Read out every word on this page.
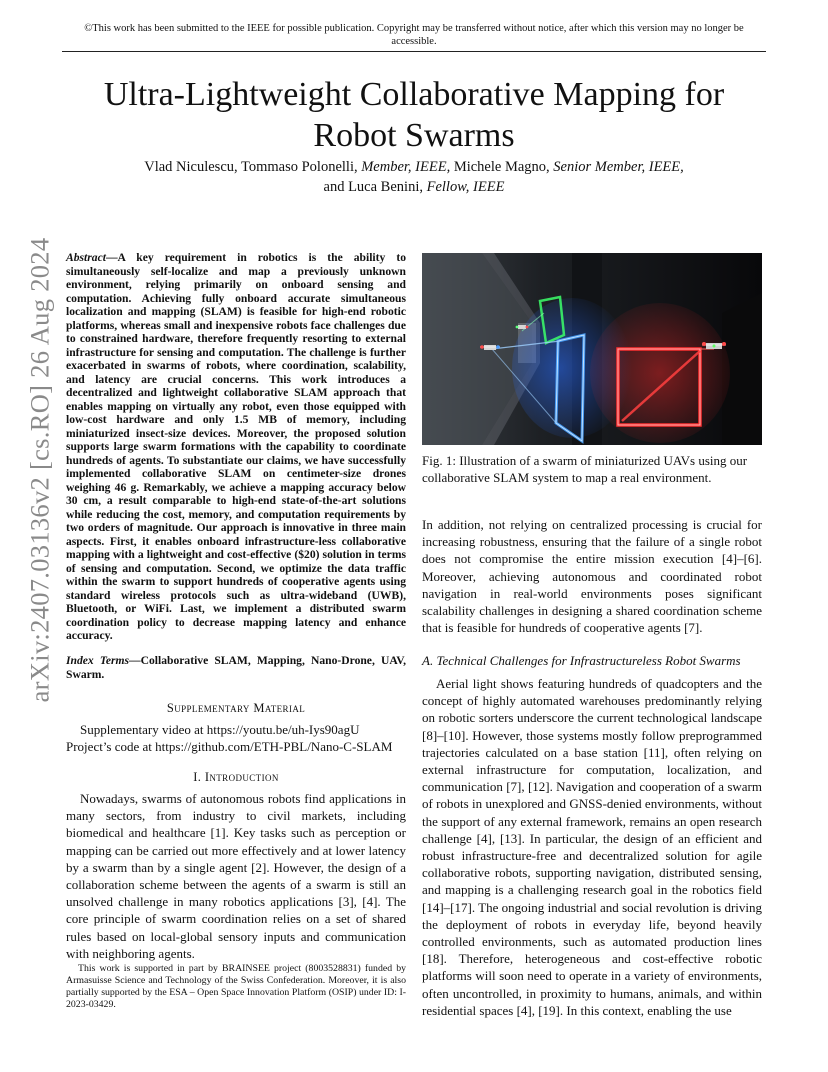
©This work has been submitted to the IEEE for possible publication. Copyright may be transferred without notice, after which this version may no longer be accessible.
arXiv:2407.03136v2 [cs.RO] 26 Aug 2024
Ultra-Lightweight Collaborative Mapping for Robot Swarms
Vlad Niculescu, Tommaso Polonelli, Member, IEEE, Michele Magno, Senior Member, IEEE,
and Luca Benini, Fellow, IEEE
Abstract—A key requirement in robotics is the ability to simultaneously self-localize and map a previously unknown environment, relying primarily on onboard sensing and computation. Achieving fully onboard accurate simultaneous localization and mapping (SLAM) is feasible for high-end robotic platforms, whereas small and inexpensive robots face challenges due to constrained hardware, therefore frequently resorting to external infrastructure for sensing and computation. The challenge is further exacerbated in swarms of robots, where coordination, scalability, and latency are crucial concerns. This work introduces a decentralized and lightweight collaborative SLAM approach that enables mapping on virtually any robot, even those equipped with low-cost hardware and only 1.5 MB of memory, including miniaturized insect-size devices. Moreover, the proposed solution supports large swarm formations with the capability to coordinate hundreds of agents. To substantiate our claims, we have successfully implemented collaborative SLAM on centimeter-size drones weighing 46 g. Remarkably, we achieve a mapping accuracy below 30 cm, a result comparable to high-end state-of-the-art solutions while reducing the cost, memory, and computation requirements by two orders of magnitude. Our approach is innovative in three main aspects. First, it enables onboard infrastructure-less collaborative mapping with a lightweight and cost-effective ($20) solution in terms of sensing and computation. Second, we optimize the data traffic within the swarm to support hundreds of cooperative agents using standard wireless protocols such as ultra-wideband (UWB), Bluetooth, or WiFi. Last, we implement a distributed swarm coordination policy to decrease mapping latency and enhance accuracy.
Index Terms—Collaborative SLAM, Mapping, Nano-Drone, UAV, Swarm.
Supplementary Material
Supplementary video at https://youtu.be/uh-Iys90agU
Project’s code at https://github.com/ETH-PBL/Nano-C-SLAM
I. Introduction
Nowadays, swarms of autonomous robots find applications in many sectors, from industry to civil markets, including biomedical and healthcare [1]. Key tasks such as perception or mapping can be carried out more effectively and at lower latency by a swarm than by a single agent [2]. However, the design of a collaboration scheme between the agents of a swarm is still an unsolved challenge in many robotics applications [3], [4]. The core principle of swarm coordination relies on a set of shared rules based on local-global sensory inputs and communication with neighboring agents.
This work is supported in part by BRAINSEE project (8003528831) funded by Armasuisse Science and Technology of the Swiss Confederation. Moreover, it is also partially supported by the ESA – Open Space Innovation Platform (OSIP) under ID: I-2023-03429.
Fig. 1: Illustration of a swarm of miniaturized UAVs using our collaborative SLAM system to map a real environment.
In addition, not relying on centralized processing is crucial for increasing robustness, ensuring that the failure of a single robot does not compromise the entire mission execution [4]–[6]. Moreover, achieving autonomous and coordinated robot navigation in real-world environments poses significant scalability challenges in designing a shared coordination scheme that is feasible for hundreds of cooperative agents [7].
A. Technical Challenges for Infrastructureless Robot Swarms
Aerial light shows featuring hundreds of quadcopters and the concept of highly automated warehouses predominantly relying on robotic sorters underscore the current technological landscape [8]–[10]. However, those systems mostly follow preprogrammed trajectories calculated on a base station [11], often relying on external infrastructure for computation, localization, and communication [7], [12]. Navigation and cooperation of a swarm of robots in unexplored and GNSS-denied environments, without the support of any external framework, remains an open research challenge [4], [13]. In particular, the design of an efficient and robust infrastructure-free and decentralized solution for agile collaborative robots, supporting navigation, distributed sensing, and mapping is a challenging research goal in the robotics field [14]–[17]. The ongoing industrial and social revolution is driving the deployment of robots in everyday life, beyond heavily controlled environments, such as automated production lines [18]. Therefore, heterogeneous and cost-effective robotic platforms will soon need to operate in a variety of environments, often uncontrolled, in proximity to humans, animals, and within residential spaces [4], [19]. In this context, enabling the use
